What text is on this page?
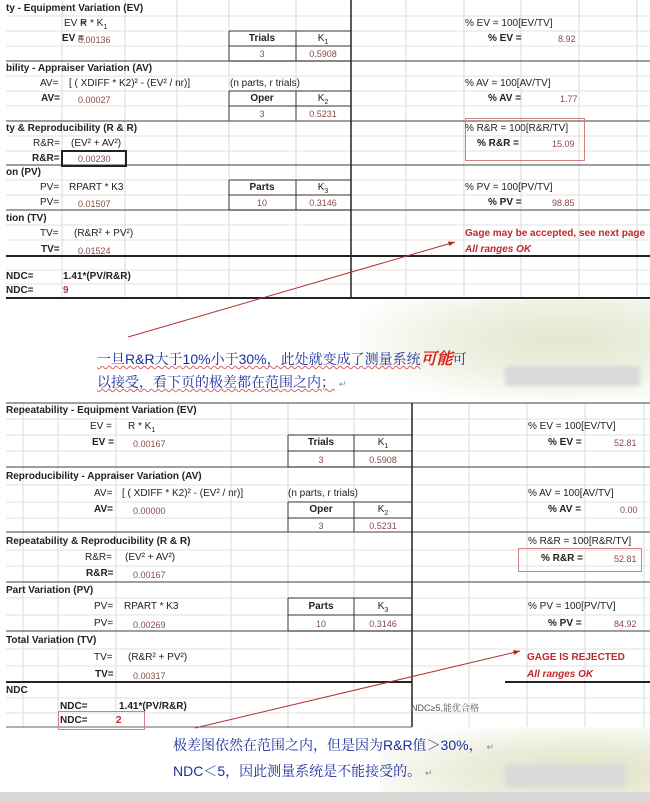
ty - Equipment Variation (EV)
EV =
R * $K_1$
EV =
0.00136	Trials	$K_1$
3	0.5908
% EV = 100[EV/TV]
% EV =	8.92
bility - Appraiser Variation (AV)
AV= [ ( XDIFF * K2)² - (EV² / nr)]	(n parts, r trials)
AV= 0.00027	Oper	$K_2$
3	0.5231
% AV = 100[AV/TV]
% AV =	1.77
ty & Reproducibility (R & R)
R&R= (EV² + AV²)
R&R= 0.00230
% R&R = 100[R&R/TV]
% R&R =	15.09
on (PV)
PV= RPART * K3
PV= 0.01507
Parts	$K_3$
10	0.3146
% PV = 100[PV/TV]
% PV =	98.85
tion (TV)
TV= (R&R² + PV²)
TV= 0.01524
Gage may be accepted, see next page
All ranges OK
NDC=	1.41*(PV/R&R)
NDC=	9
一旦R&R大于10%小于30%，此处就变成了测量系统可能可
以接受，看下页的极差都在范围之内； ↵
Repeatability - Equipment Variation (EV)
EV = R * $K_1$
EV = 0.00167	Trials	$K_1$
3	0.5908
% EV = 100[EV/TV]
% EV =	52.81
Reproducibility - Appraiser Variation (AV)
AV= [ ( XDIFF * K2)² - (EV² / nr)]	(n parts, r trials)
AV= 0.00000	Oper	$K_2$
3	0.5231
% AV = 100[AV/TV]
% AV =	0.00
Repeatability & Reproducibility (R & R)
R&R= (EV² + AV²)
R&R= 0.00167
% R&R = 100[R&R/TV]
% R&R =	52.81
Part Variation (PV)
PV= RPART * K3
PV= 0.00269
Parts	$K_3$
10	0.3146
% PV = 100[PV/TV]
% PV =	84.92
Total Variation (TV)
TV= (R&R² + PV²)
TV= 0.00317
GAGE IS REJECTED
All ranges OK
NDC
NDC=	1.41*(PV/R&R)
NDC=	2
NDC≥5,能优合格
极差图依然在范围之内，但是因为R&R值＞30%， ↵
NDC＜5，因此测量系统是不能接受的。 ↵
